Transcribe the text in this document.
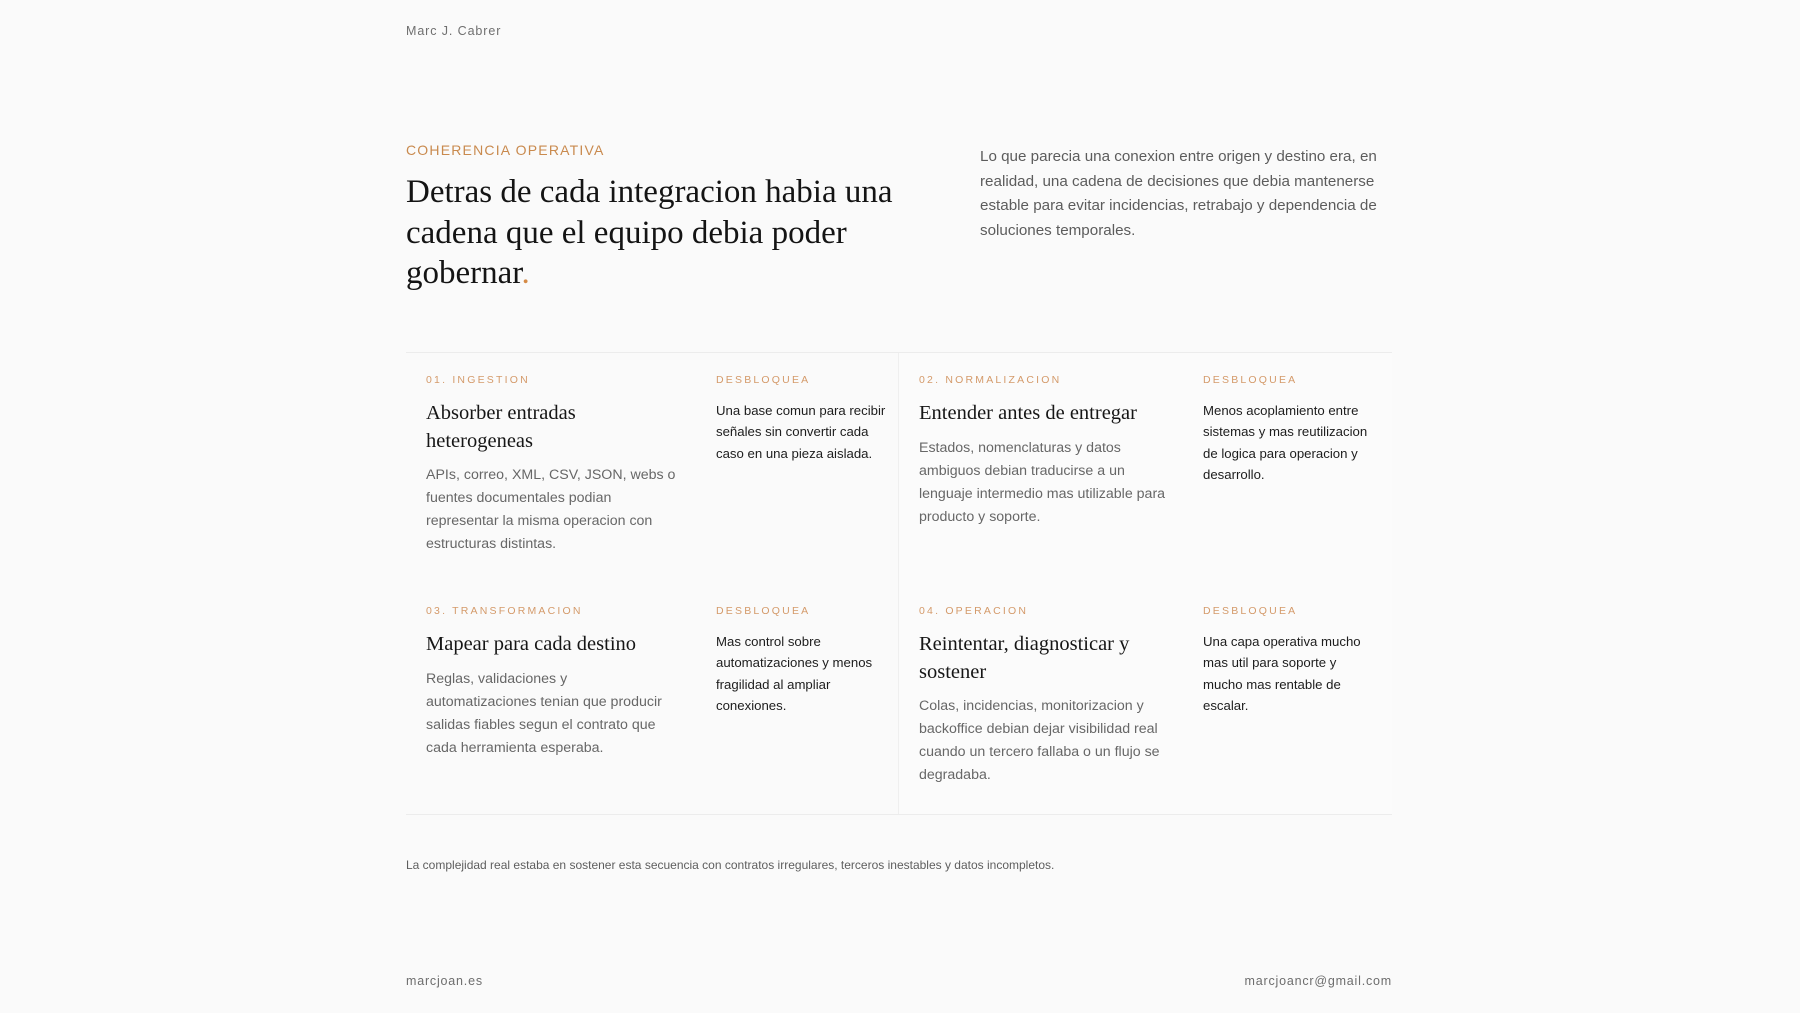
Marc J. Cabrer
COHERENCIA OPERATIVA
Detras de cada integracion habia una cadena que el equipo debia poder gobernar.

Lo que parecia una conexion entre origen y destino era, en realidad, una cadena de decisiones que debia mantenerse estable para evitar incidencias, retrabajo y dependencia de soluciones temporales.

01. INGESTION
Absorber entradas heterogeneas

APIs, correo, XML, CSV, JSON, webs o fuentes documentales podian representar la misma operacion con estructuras distintas.

DESBLOQUEA

Una base comun para recibir señales sin convertir cada caso en una pieza aislada.

03. TRANSFORMACION
Mapear para cada destino

Reglas, validaciones y automatizaciones tenian que producir salidas fiables segun el contrato que cada herramienta esperaba.

DESBLOQUEA

Mas control sobre automatizaciones y menos fragilidad al ampliar conexiones.

02. NORMALIZACION
Entender antes de entregar

Estados, nomenclaturas y datos ambiguos debian traducirse a un lenguaje intermedio mas utilizable para producto y soporte.

DESBLOQUEA

Menos acoplamiento entre sistemas y mas reutilizacion de logica para operacion y desarrollo.

04. OPERACION
Reintentar, diagnosticar y sostener

Colas, incidencias, monitorizacion y backoffice debian dejar visibilidad real cuando un tercero fallaba o un flujo se degradaba.

DESBLOQUEA

Una capa operativa mucho mas util para soporte y mucho mas rentable de escalar.

La complejidad real estaba en sostener esta secuencia con contratos irregulares, terceros inestables y datos incompletos.

marcjoan.es	marcjoancr@gmail.com
